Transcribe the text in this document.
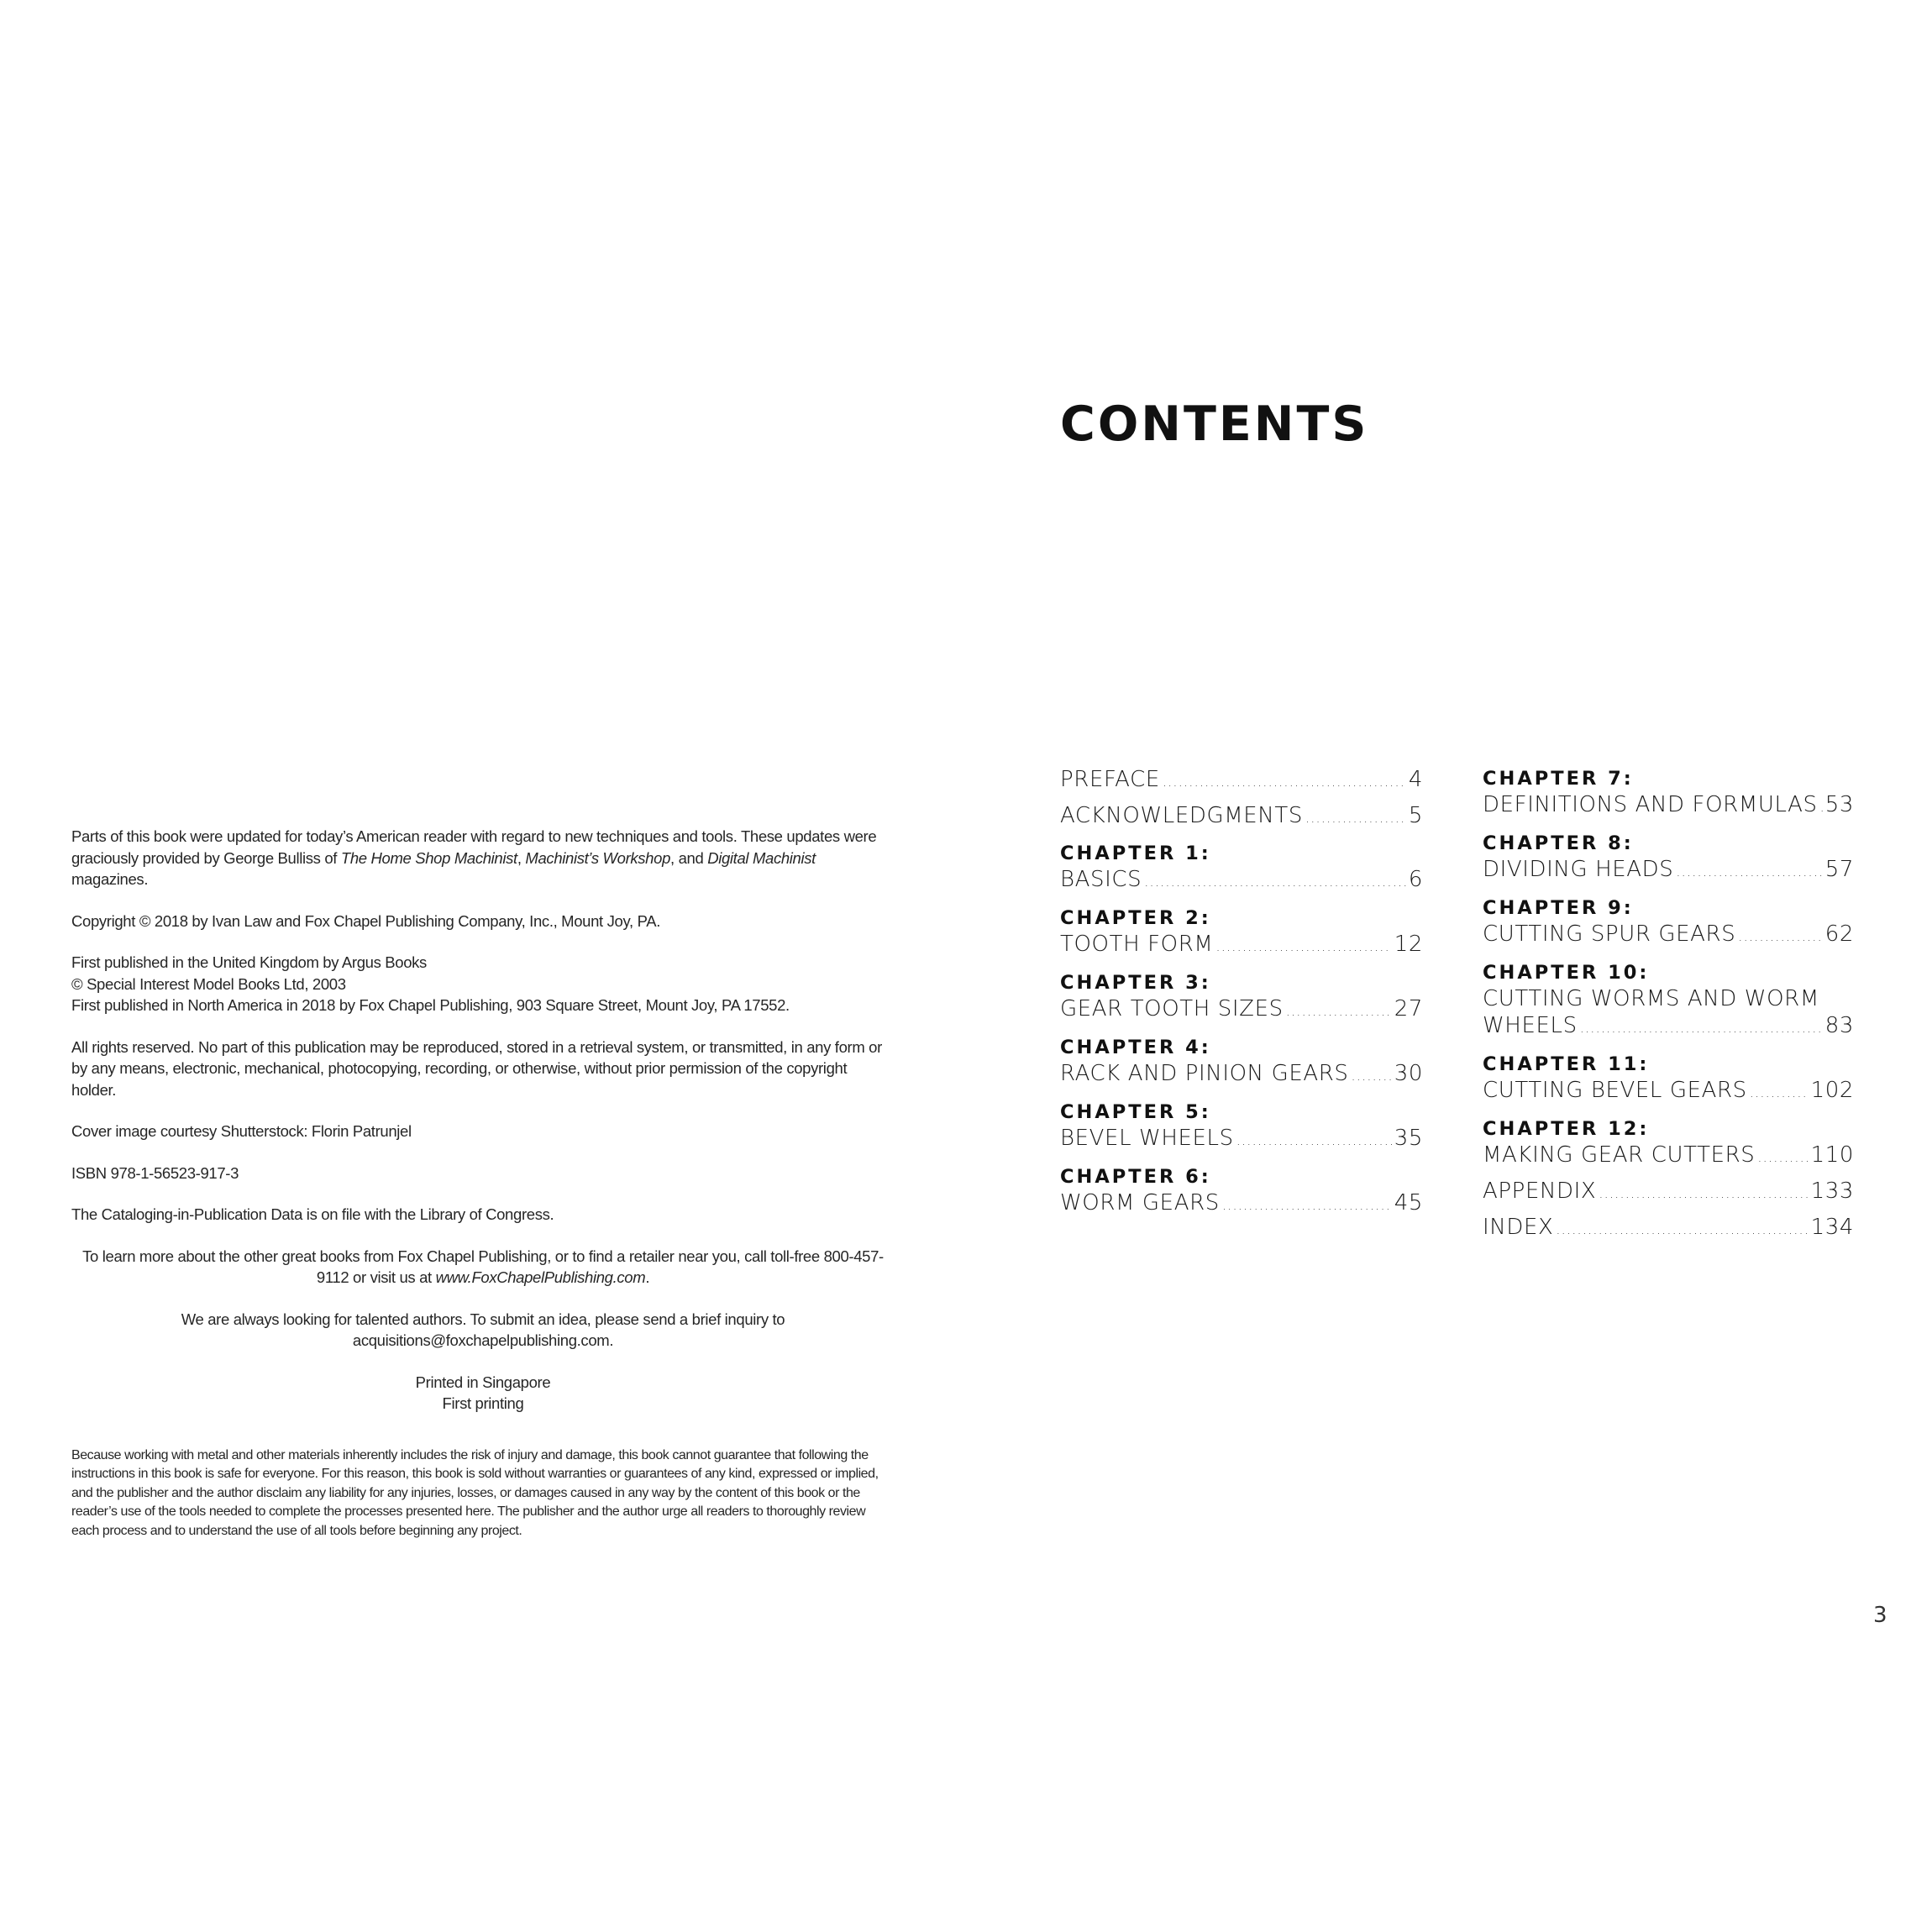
Parts of this book were updated for today’s American reader with regard to new techniques and tools. These updates were graciously provided by George Bulliss of The Home Shop Machinist, Machinist’s Workshop, and Digital Machinist magazines.

Copyright © 2018 by Ivan Law and Fox Chapel Publishing Company, Inc., Mount Joy, PA.

First published in the United Kingdom by Argus Books
© Special Interest Model Books Ltd, 2003
First published in North America in 2018 by Fox Chapel Publishing, 903 Square Street, Mount Joy, PA 17552.

All rights reserved. No part of this publication may be reproduced, stored in a retrieval system, or transmitted, in any form or by any means, electronic, mechanical, photocopying, recording, or otherwise, without prior permission of the copyright holder.

Cover image courtesy Shutterstock: Florin Patrunjel

ISBN 978-1-56523-917-3

The Cataloging-in-Publication Data is on file with the Library of Congress.

To learn more about the other great books from Fox Chapel Publishing, or to find a retailer near you, call toll-free 800-457-9112 or visit us at www.FoxChapelPublishing.com.

We are always looking for talented authors. To submit an idea, please send a brief inquiry to acquisitions@foxchapelpublishing.com.

Printed in Singapore
First printing

Because working with metal and other materials inherently includes the risk of injury and damage, this book cannot guarantee that following the instructions in this book is safe for everyone. For this reason, this book is sold without warranties or guarantees of any kind, expressed or implied, and the publisher and the author disclaim any liability for any injuries, losses, or damages caused in any way by the content of this book or the reader’s use of the tools needed to complete the processes presented here. The publisher and the author urge all readers to thoroughly review each process and to understand the use of all tools before beginning any project.

CONTENTS
PREFACE .....	4
ACKNOWLEDGMENTS .....	5
CHAPTER 1:
BASICS .....	6
CHAPTER 2:
TOOTH FORM .....	12
CHAPTER 3:
GEAR TOOTH SIZES .....	27
CHAPTER 4:
RACK AND PINION GEARS ..... 30
CHAPTER 5:
BEVEL WHEELS .....	35
CHAPTER 6:
WORM GEARS .....	45
CHAPTER 7:
DEFINITIONS AND FORMULAS ..... 53
CHAPTER 8:
DIVIDING HEADS .....	57
CHAPTER 9:
CUTTING SPUR GEARS .....	62
CHAPTER 10:
CUTTING WORMS AND WORM
WHEELS .....	83
CHAPTER 11:
CUTTING BEVEL GEARS .....	102
CHAPTER 12:
MAKING GEAR CUTTERS .....	110
APPENDIX .....	133
INDEX .....	134
3
